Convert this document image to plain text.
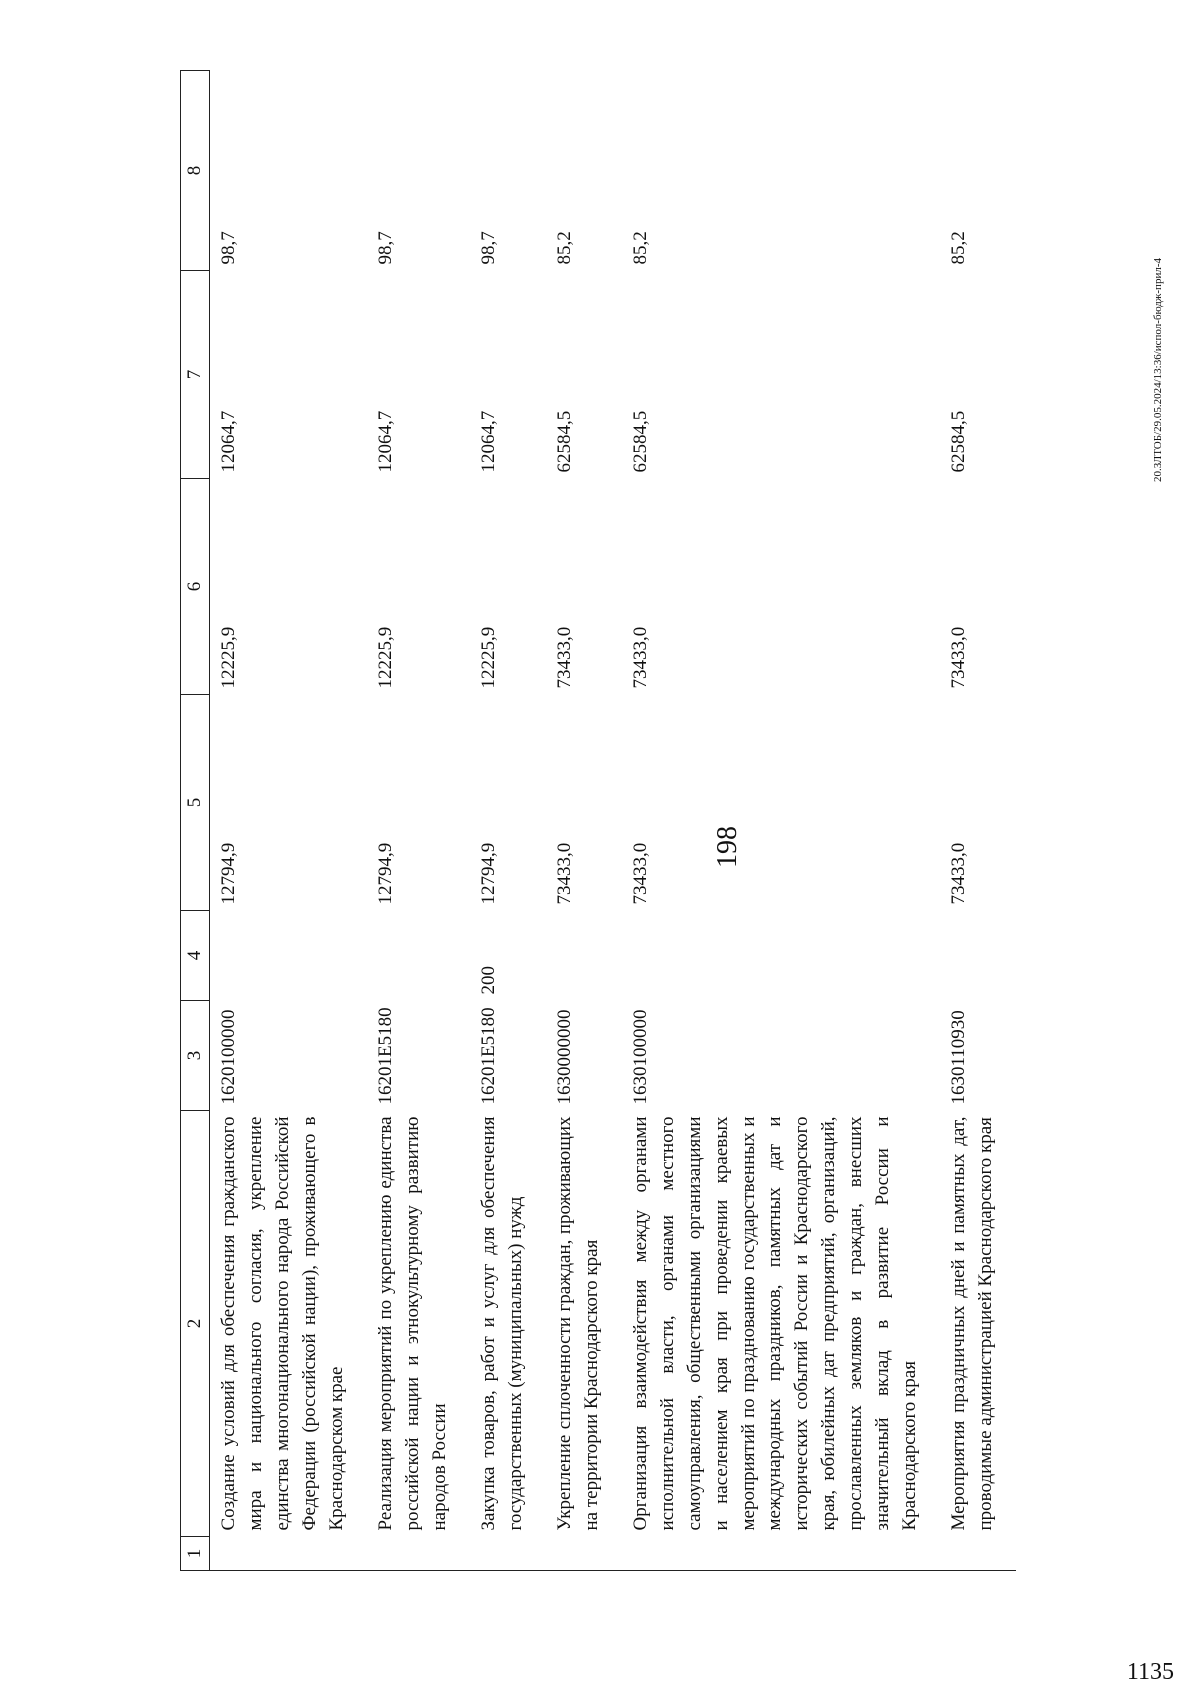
198
20.ЗЛТОБ/29.05.2024/13:36/испол-бюдж-прил-4
1135
1	2	3	4	5	6	7	8
	Создание условий для обеспечения гражданского мира и национального согласия, укрепление единства многонационального народа Российской Федерации (российской нации), проживающего в Краснодарском крае	1620100000		12794,9	12225,9	12064,7	98,7
	Реализация мероприятий по укреплению единства российской нации и этнокультурному развитию народов России	16201Е5180		12794,9	12225,9	12064,7	98,7
	Закупка товаров, работ и услуг для обеспечения государственных (муниципальных) нужд	16201Е5180	200	12794,9	12225,9	12064,7	98,7
	Укрепление сплоченности граждан, проживающих на территории Краснодарского края	1630000000		73433,0	73433,0	62584,5	85,2
	Организация взаимодействия между органами исполнительной власти, органами местного самоуправления, общественными организациями и населением края при проведении краевых мероприятий по празднованию государственных и международных праздников, памятных дат и исторических событий России и Краснодарского края, юбилейных дат предприятий, организаций, прославленных земляков и граждан, внесших значительный вклад в развитие России и Краснодарского края	1630100000		73433,0	73433,0	62584,5	85,2
	Мероприятия праздничных дней и памятных дат, проводимые администрацией Краснодарского края	1630110930		73433,0	73433,0	62584,5	85,2
